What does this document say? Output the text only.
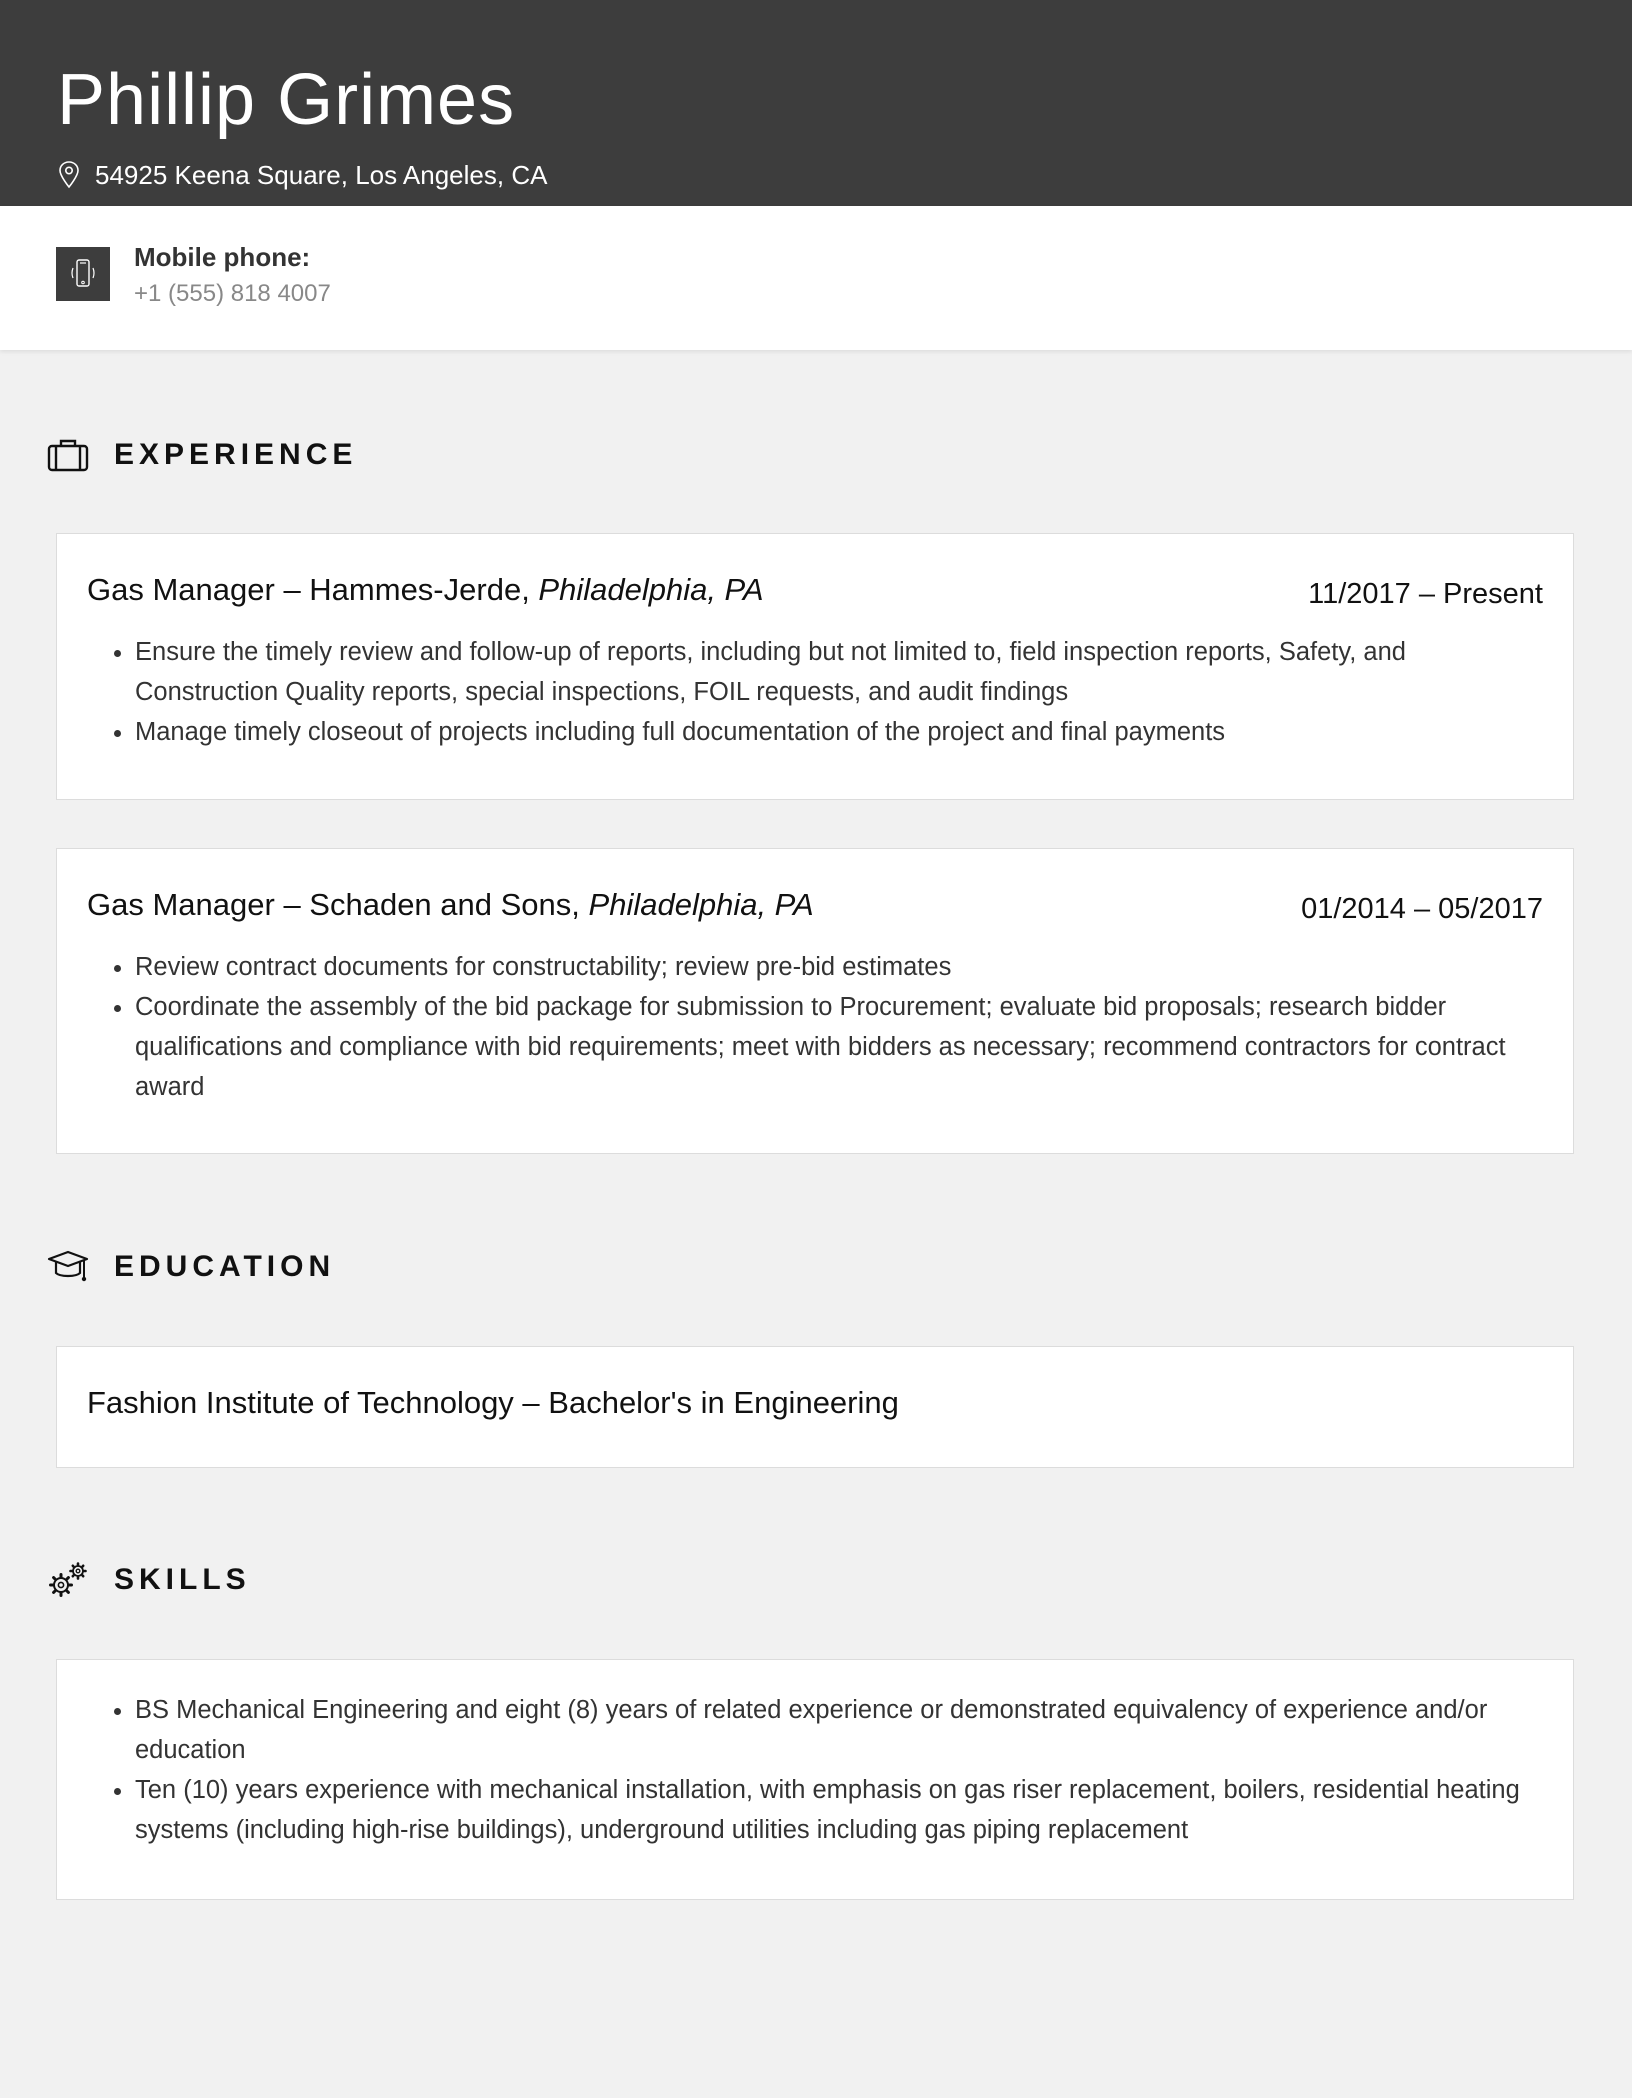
Phillip Grimes
54925 Keena Square, Los Angeles, CA
Mobile phone:
+1 (555) 818 4007
EXPERIENCE
Gas Manager – Hammes-Jerde, Philadelphia, PA	11/2017 – Present
• Ensure the timely review and follow-up of reports, including but not limited to, field inspection reports, Safety, and Construction Quality reports, special inspections, FOIL requests, and audit findings
• Manage timely closeout of projects including full documentation of the project and final payments
Gas Manager – Schaden and Sons, Philadelphia, PA	01/2014 – 05/2017
• Review contract documents for constructability; review pre-bid estimates
• Coordinate the assembly of the bid package for submission to Procurement; evaluate bid proposals; research bidder qualifications and compliance with bid requirements; meet with bidders as necessary; recommend contractors for contract award
EDUCATION
Fashion Institute of Technology – Bachelor's in Engineering
SKILLS
• BS Mechanical Engineering and eight (8) years of related experience or demonstrated equivalency of experience and/or education
• Ten (10) years experience with mechanical installation, with emphasis on gas riser replacement, boilers, residential heating systems (including high-rise buildings), underground utilities including gas piping replacement
